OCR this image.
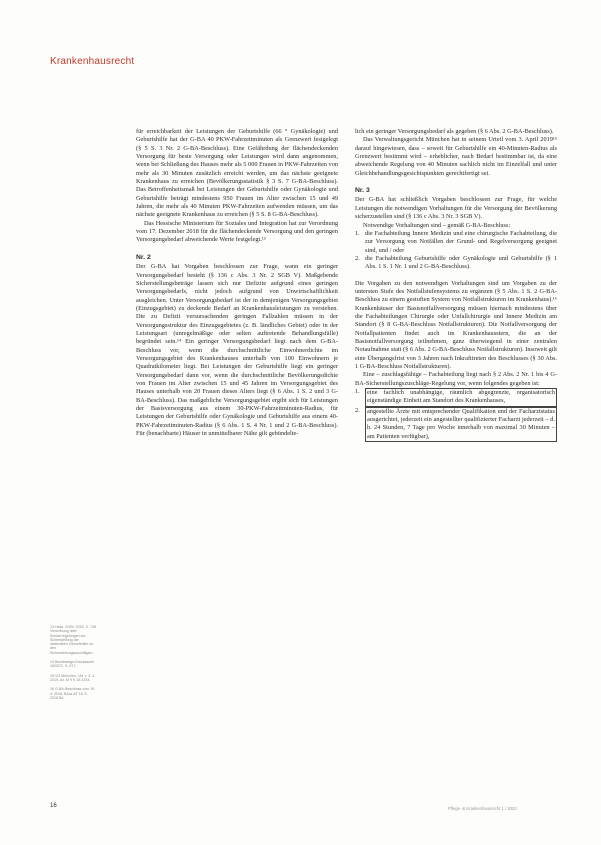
Krankenhausrecht

für erreichbarkeit der Leistungen der Geburtshilfe (66 ° Gynäkologie) und Geburtshilfe hat der G-BA 40 PKW-Fahrzeitminuten als Grenzwert festgelegt (§ 5 S. 3 Nr. 2 G-BA-Beschluss). Eine Gefährdung der flächendeckenden Versorgung für beste Versorgung oder Leistungen wird dann angenommen, wenn bei Schließung des Hauses mehr als 5 000 Frauen in PKW-Fahrzeiten von mehr als 30 Minuten zusätzlich erreicht werden, um das nächste geeignete Krankenhaus zu erreichen (Bevölkerungsstatistik § 3 S. 7 G-BA-Beschluss). Das Betroffenheitsmaß bei Leistungen der Geburtshilfe oder Gynäkologie und Geburtshilfe beträgt mindestens 950 Frauen im Alter zwischen 15 und 49 Jahren, die mehr als 40 Minuten PKW-Fahrzeiten aufwenden müssen, um das nächste geeignete Krankenhaus zu erreichen (§ 5 S. 8 G-BA-Beschluss).

Das Hessische Ministerium für Soziales und Integration hat zur Verordnung vom 17. Dezember 2018 für die flächendeckende Versorgung und den geringen Versorgungsbedarf abweichende Werte festgelegt.¹³

Nr. 2

Der G-BA hat Vorgaben beschlossen zur Frage, wann ein geringer Versorgungsbedarf besteht (§ 136 c Abs. 3 Nr. 2 SGB V). Maßgebende Sicherstellungsbeträge lassen sich nur Defizite aufgrund eines geringen Versorgungsbedarfs, nicht jedoch aufgrund von Unwirtschaftlichkeit ausgleichen. Unter Versorgungsbedarf ist der in demjenigen Versorgungsgebiet (Einzugsgebiet) zu deckende Bedarf an Krankenhausleistungen zu verstehen. Die zu Defizit versursachenden geringen Fallzahlen müssen in der Versorgungsstruktur des Einzugsgebietes (z. B. ländliches Gebiet) oder in der Leistungsart (unregelmäßige oder selten auftretende Behandlungsfälle) begründet sein.¹⁴ Ein geringer Versorgungsbedarf liegt nach dem G-BA-Beschluss vor, wenn die durchschnittliche Einwohnerdichte im Versorgungsgebiet des Krankenhauses unterhalb von 100 Einwohnern je Quadratkilometer liegt. Bei Leistungen der Geburtshilfe liegt ein geringer Versorgungsbedarf dann vor, wenn die durchschnittliche Bevölkerungsdichte von Frauen im Alter zwischen 15 und 45 Jahren im Versorgungsgebiet des Hauses unterhalb von 20 Frauen dieses Alters liegt (§ 6 Abs. 1 S. 2 und 3 G-BA-Beschluss). Das maßgebliche Versorgungsgebiet ergibt sich für Leistungen der Basisversorgung aus einem 30-PKW-Fahrzeitminuten-Radius, für Leistungen der Geburtshilfe oder Gynäkologie und Geburtshilfe aus einem 40-PKW-Fahrzeitminuten-Radius (§ 6 Abs. 1 S. 4 Nr. 1 und 2 G-BA-Beschluss). Für (benachbarte) Häuser in unmittelbarer Nähe gilt gebündelte-

lich ein geringer Versorgungsbedarf als gegeben (§ 6 Abs. 2 G-BA-Beschluss).

Das Verwaltungsgericht München hat in seinem Urteil vom 3. April 2019¹⁵ darauf hingewiesen, dass – soweit für Geburtshilfe ein 40-Minuten-Radius als Grenzwert bestimmt wird – erheblicher, nach Bedarf bestimmbar ist, da eine abweichende Regelung von 40 Minuten sachlich nicht im Einzelfall und unter Gleichbehandlungsgesichtspunkten gerechtfertigt sei.

Nr. 3

Der G-BA hat schließlich Vorgaben beschlossen zur Frage, für welche Leistungen die notwendigen Vorhaltungen für die Versorgung der Bevölkerung sicherzustellen sind (§ 136 c Abs. 3 Nr. 3 SGB V).

Notwendige Vorhaltungen sind – gemäß G-BA-Beschluss:

1. die Fachabteilung Innere Medizin und eine chirurgische Fachabteilung, die zur Versorgung von Notfällen der Grund- und Regelversorgung geeignet sind, und / oder
2. die Fachabteilung Geburtshilfe oder Gynäkologie und Geburtshilfe (§ 1 Abs. 1 S. 1 Nr. 1 und 2 G-BA-Beschluss).

Die Vorgaben zu den notwendigen Vorhaltungen sind um Vorgaben zu der untersten Stufe des Notfallstufensystems zu ergänzen (§ 5 Abs. 1 S. 2 G-BA-Beschluss zu einem gestuften System von Notfallstrukturen im Krankenhaus).¹⁶ Krankenhäuser der Basisnotfallversorgung müssen hiernach mindestens über die Fachabteilungen Chirurgie oder Unfallchirurgie und Innere Medizin am Standort (§ 8 G-BA-Beschluss Notfallstrukturen). Die Notfallversorgung der Notfallpatienten findet auch im Krankenhausstern, die an der Basisnotfallversorgung teilnehmen, ganz überwiegend in einer zentralen Notaufnahme statt (§ 6 Abs. 2 G-BA-Beschluss Notfallstrukturen). Insoweit gilt eine Übergangsfrist von 3 Jahren nach Inkrafttreten des Beschlusses (§ 30 Abs. 1 G-BA-Beschluss Notfallstrukturen).

Eine – zuschlagsfähige – Fachabteilung liegt nach § 2 Abs. 2 Nr. 1 bis 4 G-BA-Sicherstellungszuschläge-Regelung vor, wenn folgendes gegeben ist:

1.	eine fachlich unabhängige, räumlich abgegrenzte, organisatorisch eigenständige Einheit am Standort des Krankenhauses,
2.	angestellte Ärzte mit entsprechender Qualifikation und der Facharztstatus ausgerichtet, jederzeit ein angestellter qualifizierter Facharzt jederzeit – d. h. 24 Stunden, 7 Tage pro Woche innerhalb von maximal 30 Minuten – am Patienten verfügbar),

13 Hess. GVBl. 2018, S. 748 Verordnung über Sonderregelungen zur Sicherstellung der stationären Geburtshilfe zu den Sicherstellungszuschlägen.

14 Bundestags-Drucksache 18/5372, S. 87 f.

15 VG München, Urt. v. 3. 4. 2019, Az. M 9 K 18.1234.

16 G-BA-Beschluss vom 19. 4. 2018, BAnz AT 18. 5. 2018 B4.

16	Pflege- & Krankenhausrecht 1 / 2020
